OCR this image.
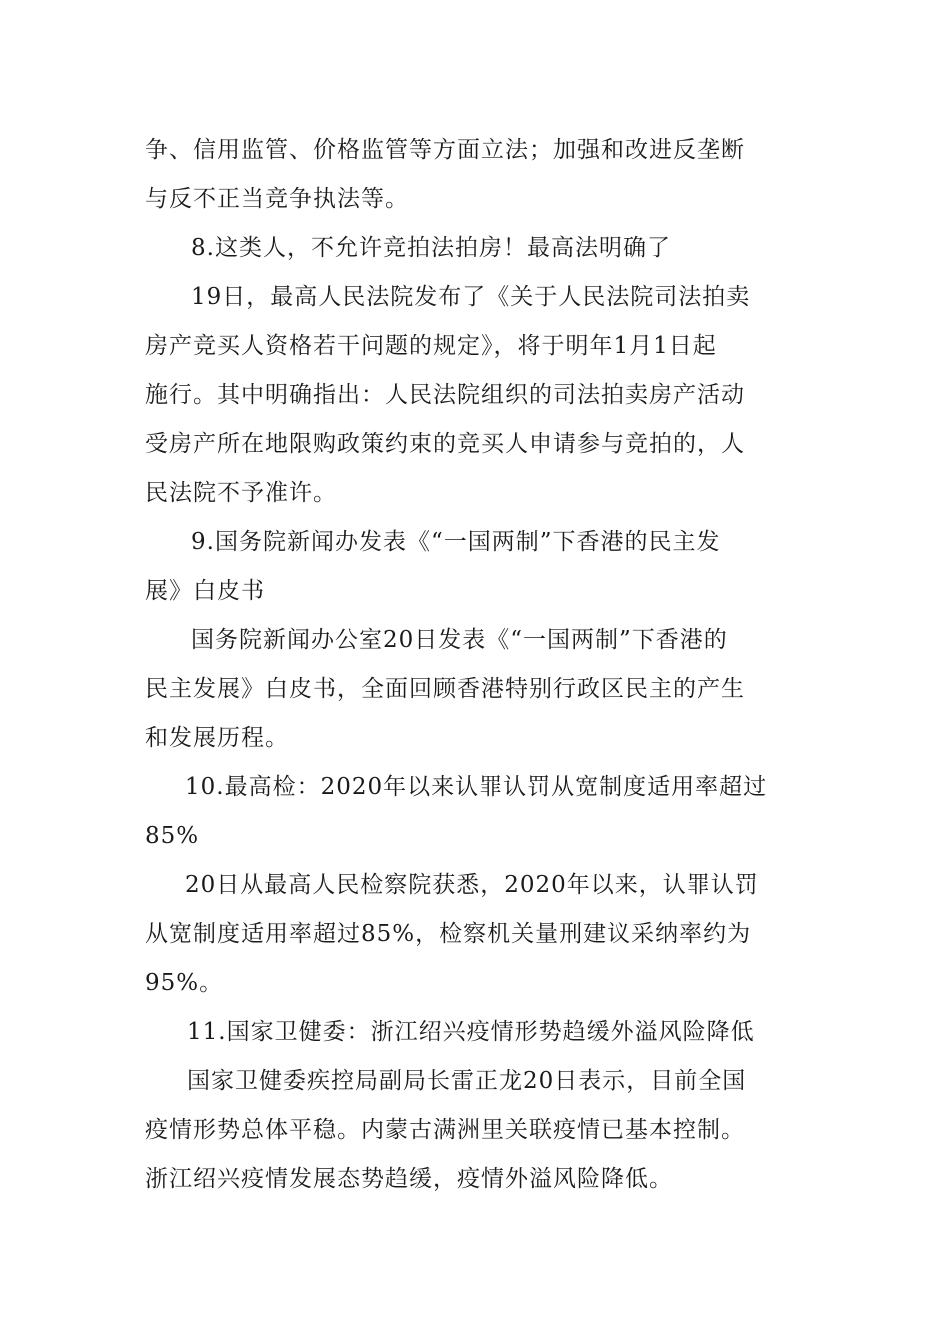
争、信用监管、价格监管等方面立法；加强和改进反垄断
与反不正当竞争执法等。
8.这类人，不允许竞拍法拍房！最高法明确了
19日，最高人民法院发布了《关于人民法院司法拍卖
房产竞买人资格若干问题的规定》，将于明年1月1日起
施行。其中明确指出：人民法院组织的司法拍卖房产活动
受房产所在地限购政策约束的竞买人申请参与竞拍的，人
民法院不予准许。
9.国务院新闻办发表《“一国两制”下香港的民主发
展》白皮书
国务院新闻办公室20日发表《“一国两制”下香港的
民主发展》白皮书，全面回顾香港特别行政区民主的产生
和发展历程。
10.最高检：2020年以来认罪认罚从宽制度适用率超过
85%
20日从最高人民检察院获悉，2020年以来，认罪认罚
从宽制度适用率超过85%，检察机关量刑建议采纳率约为
95%。
11.国家卫健委：浙江绍兴疫情形势趋缓外溢风险降低
国家卫健委疾控局副局长雷正龙20日表示，目前全国
疫情形势总体平稳。内蒙古满洲里关联疫情已基本控制。
浙江绍兴疫情发展态势趋缓，疫情外溢风险降低。
